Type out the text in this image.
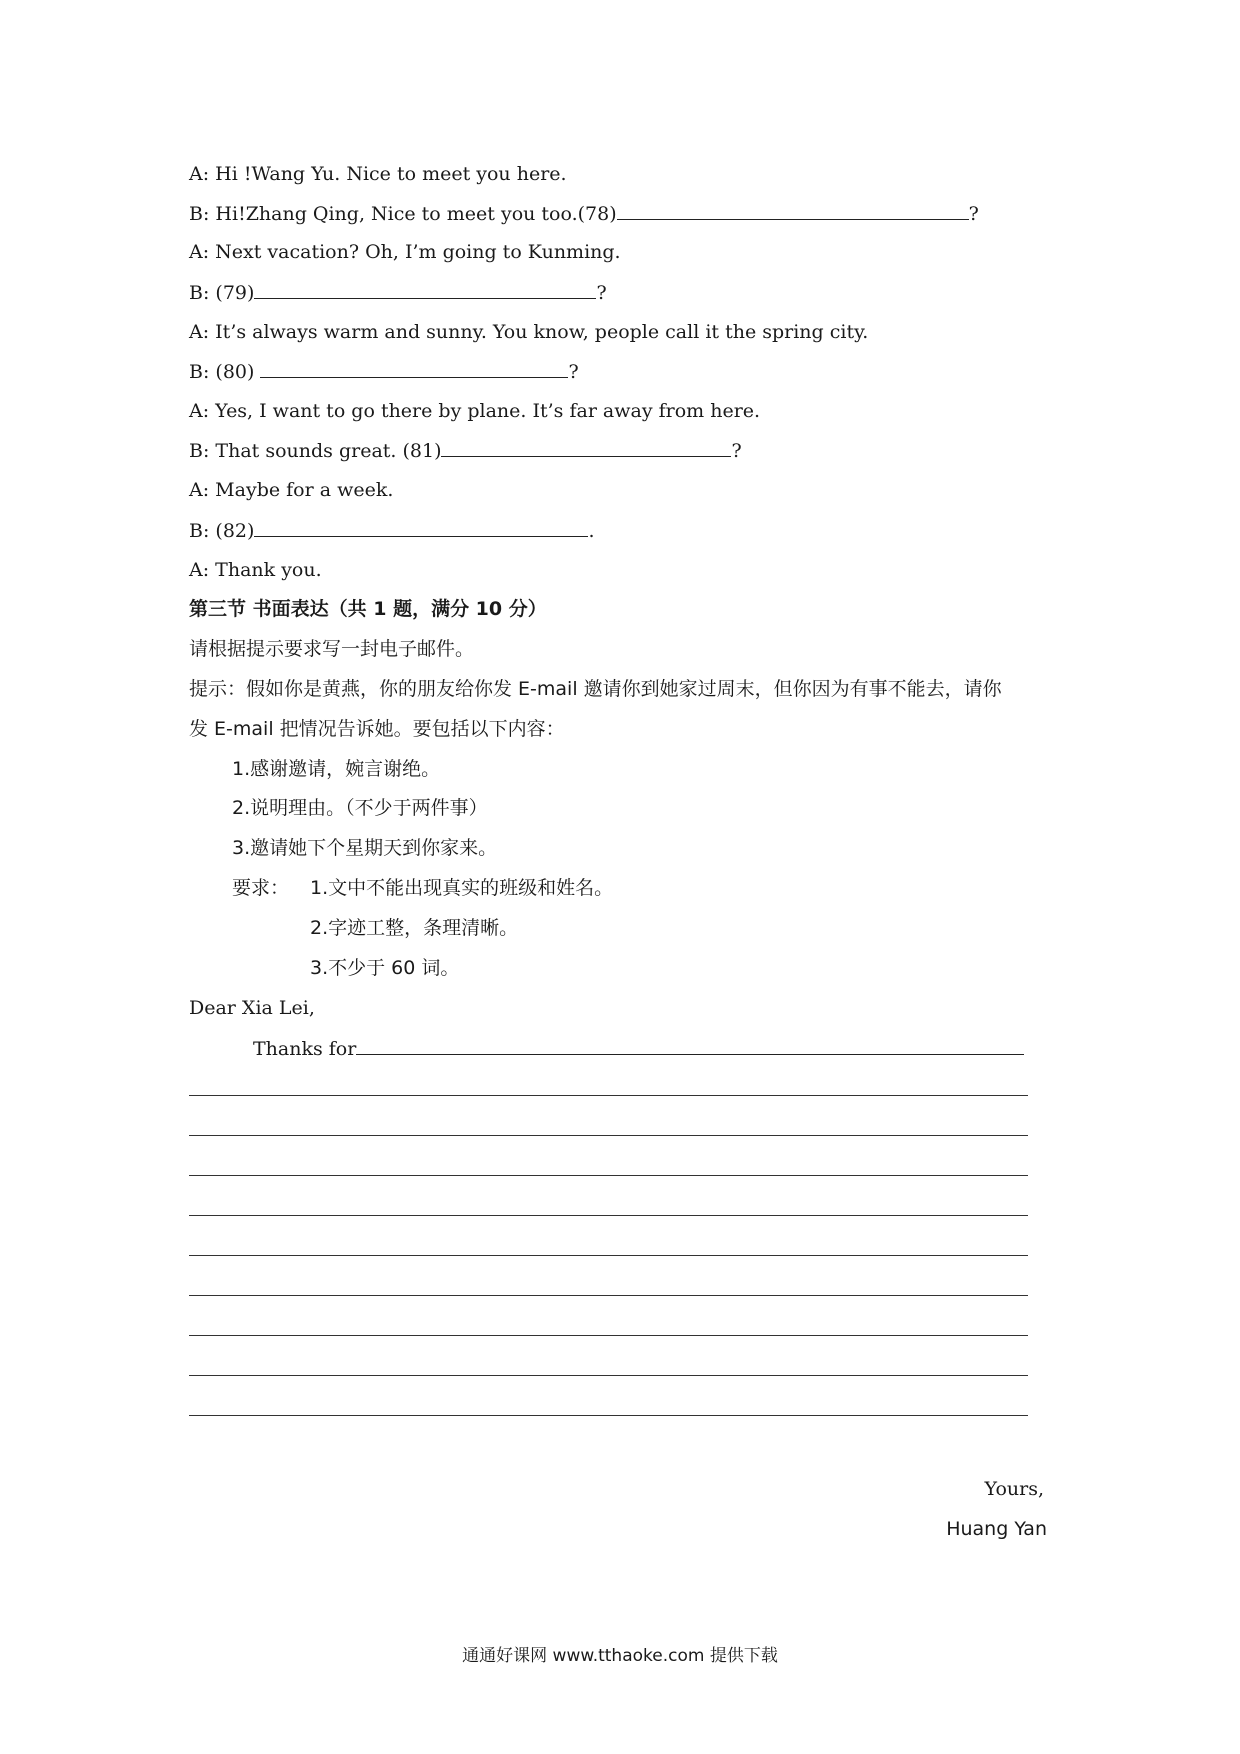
A: Hi !Wang Yu. Nice to meet you here.
B: Hi!Zhang Qing, Nice to meet you too.(78)	?
A: Next vacation? Oh, I’m going to Kunming.
B: (79)	?
A: It’s always warm and sunny. You know, people call it the spring city.
B: (80)	?
A: Yes, I want to go there by plane. It’s far away from here.
B: That sounds great. (81)	?
A: Maybe for a week.
B: (82)	.
A: Thank you.
第三节 书面表达（共 1 题，满分 10 分）
请根据提示要求写一封电子邮件。
提示：假如你是黄燕，你的朋友给你发 E-mail 邀请你到她家过周末，但你因为有事不能去，请你
发 E-mail 把情况告诉她。要包括以下内容：
1.感谢邀请，婉言谢绝。
2.说明理由。（不少于两件事）
3.邀请她下个星期天到你家来。
要求： 1.文中不能出现真实的班级和姓名。
2.字迹工整，条理清晰。
3.不少于 60 词。
Dear Xia Lei,
Thanks for
Yours,
Huang Yan
通通好课网 www.tthaoke.com 提供下载
